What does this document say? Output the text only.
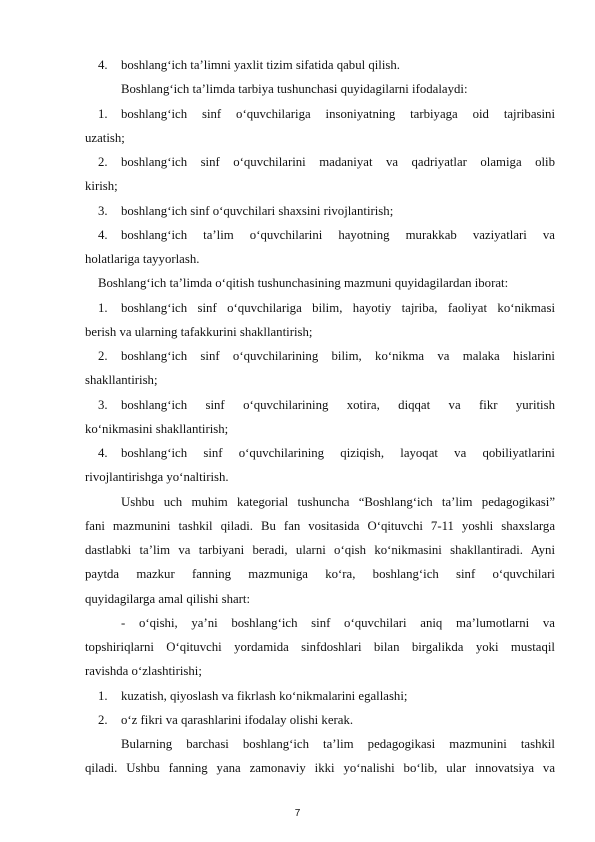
4.	boshlang‘ich ta’limni yaxlit tizim sifatida qabul qilish.
Boshlang‘ich ta’limda tarbiya tushunchasi quyidagilarni ifodalaydi:
1.	boshlang‘ich sinf o‘quvchilariga insoniyatning tarbiyaga oid tajribasini
uzatish;
2.	boshlang‘ich sinf o‘quvchilarini madaniyat va qadriyatlar olamiga olib
kirish;
3.	boshlang‘ich sinf o‘quvchilari shaxsini rivojlantirish;
4.	boshlang‘ich ta’lim o‘quvchilarini hayotning murakkab vaziyatlari va
holatlariga tayyorlash.
Boshlang‘ich ta’limda o‘qitish tushunchasining mazmuni quyidagilardan iborat:
1.	boshlang‘ich sinf o‘quvchilariga bilim, hayotiy tajriba, faoliyat ko‘nikmasi
berish va ularning tafakkurini shakllantirish;
2.	boshlang‘ich sinf o‘quvchilarining bilim, ko‘nikma va malaka hislarini
shakllantirish;
3.	boshlang‘ich sinf o‘quvchilarining xotira, diqqat va fikr yuritish
ko‘nikmasini shakllantirish;
4.	boshlang‘ich sinf o‘quvchilarining qiziqish, layoqat va qobiliyatlarini
rivojlantirishga yo‘naltirish.
Ushbu uch muhim kategorial tushuncha “Boshlang‘ich ta’lim pedagogikasi”
fani mazmunini tashkil qiladi. Bu fan vositasida O‘qituvchi 7-11 yoshli shaxslarga
dastlabki ta’lim va tarbiyani beradi, ularni o‘qish ko‘nikmasini shakllantiradi. Ayni
paytda mazkur fanning mazmuniga ko‘ra, boshlang‘ich sinf o‘quvchilari
quyidagilarga amal qilishi shart:
- o‘qishi, ya’ni boshlang‘ich sinf o‘quvchilari aniq ma’lumotlarni va
topshiriqlarni O‘qituvchi yordamida sinfdoshlari bilan birgalikda yoki mustaqil
ravishda o‘zlashtirishi;
1.	kuzatish, qiyoslash va fikrlash ko‘nikmalarini egallashi;
2.	o‘z fikri va qarashlarini ifodalay olishi kerak.
Bularning barchasi boshlang‘ich ta’lim pedagogikasi mazmunini tashkil
qiladi. Ushbu fanning yana zamonaviy ikki yo‘nalishi bo‘lib, ular innovatsiya va
7
